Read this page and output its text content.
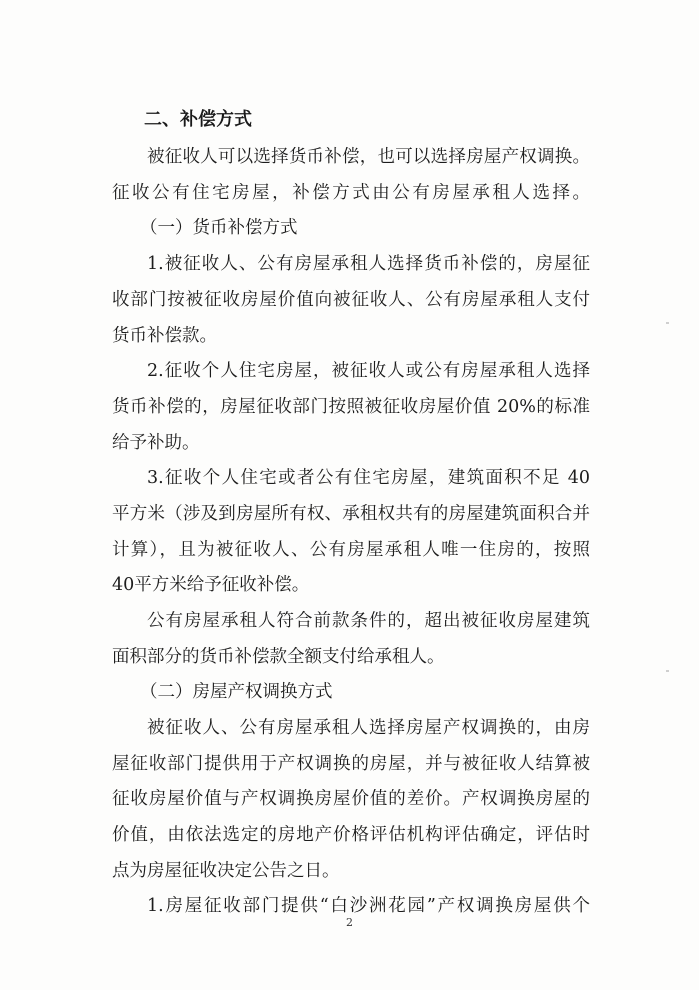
二、补偿方式
被征收人可以选择货币补偿，也可以选择房屋产权调换。
征收公有住宅房屋，补偿方式由公有房屋承租人选择。
（一）货币补偿方式
1.被征收人、公有房屋承租人选择货币补偿的，房屋征
收部门按被征收房屋价值向被征收人、公有房屋承租人支付
货币补偿款。
2.征收个人住宅房屋，被征收人或公有房屋承租人选择
货币补偿的，房屋征收部门按照被征收房屋价值 20%的标准
给予补助。
3.征收个人住宅或者公有住宅房屋，建筑面积不足 40
平方米（涉及到房屋所有权、承租权共有的房屋建筑面积合并
计算），且为被征收人、公有房屋承租人唯一住房的，按照
40平方米给予征收补偿。
公有房屋承租人符合前款条件的，超出被征收房屋建筑
面积部分的货币补偿款全额支付给承租人。
（二）房屋产权调换方式
被征收人、公有房屋承租人选择房屋产权调换的，由房
屋征收部门提供用于产权调换的房屋，并与被征收人结算被
征收房屋价值与产权调换房屋价值的差价。产权调换房屋的
价值，由依法选定的房地产价格评估机构评估确定，评估时
点为房屋征收决定公告之日。
1.房屋征收部门提供“白沙洲花园”产权调换房屋供个
2
